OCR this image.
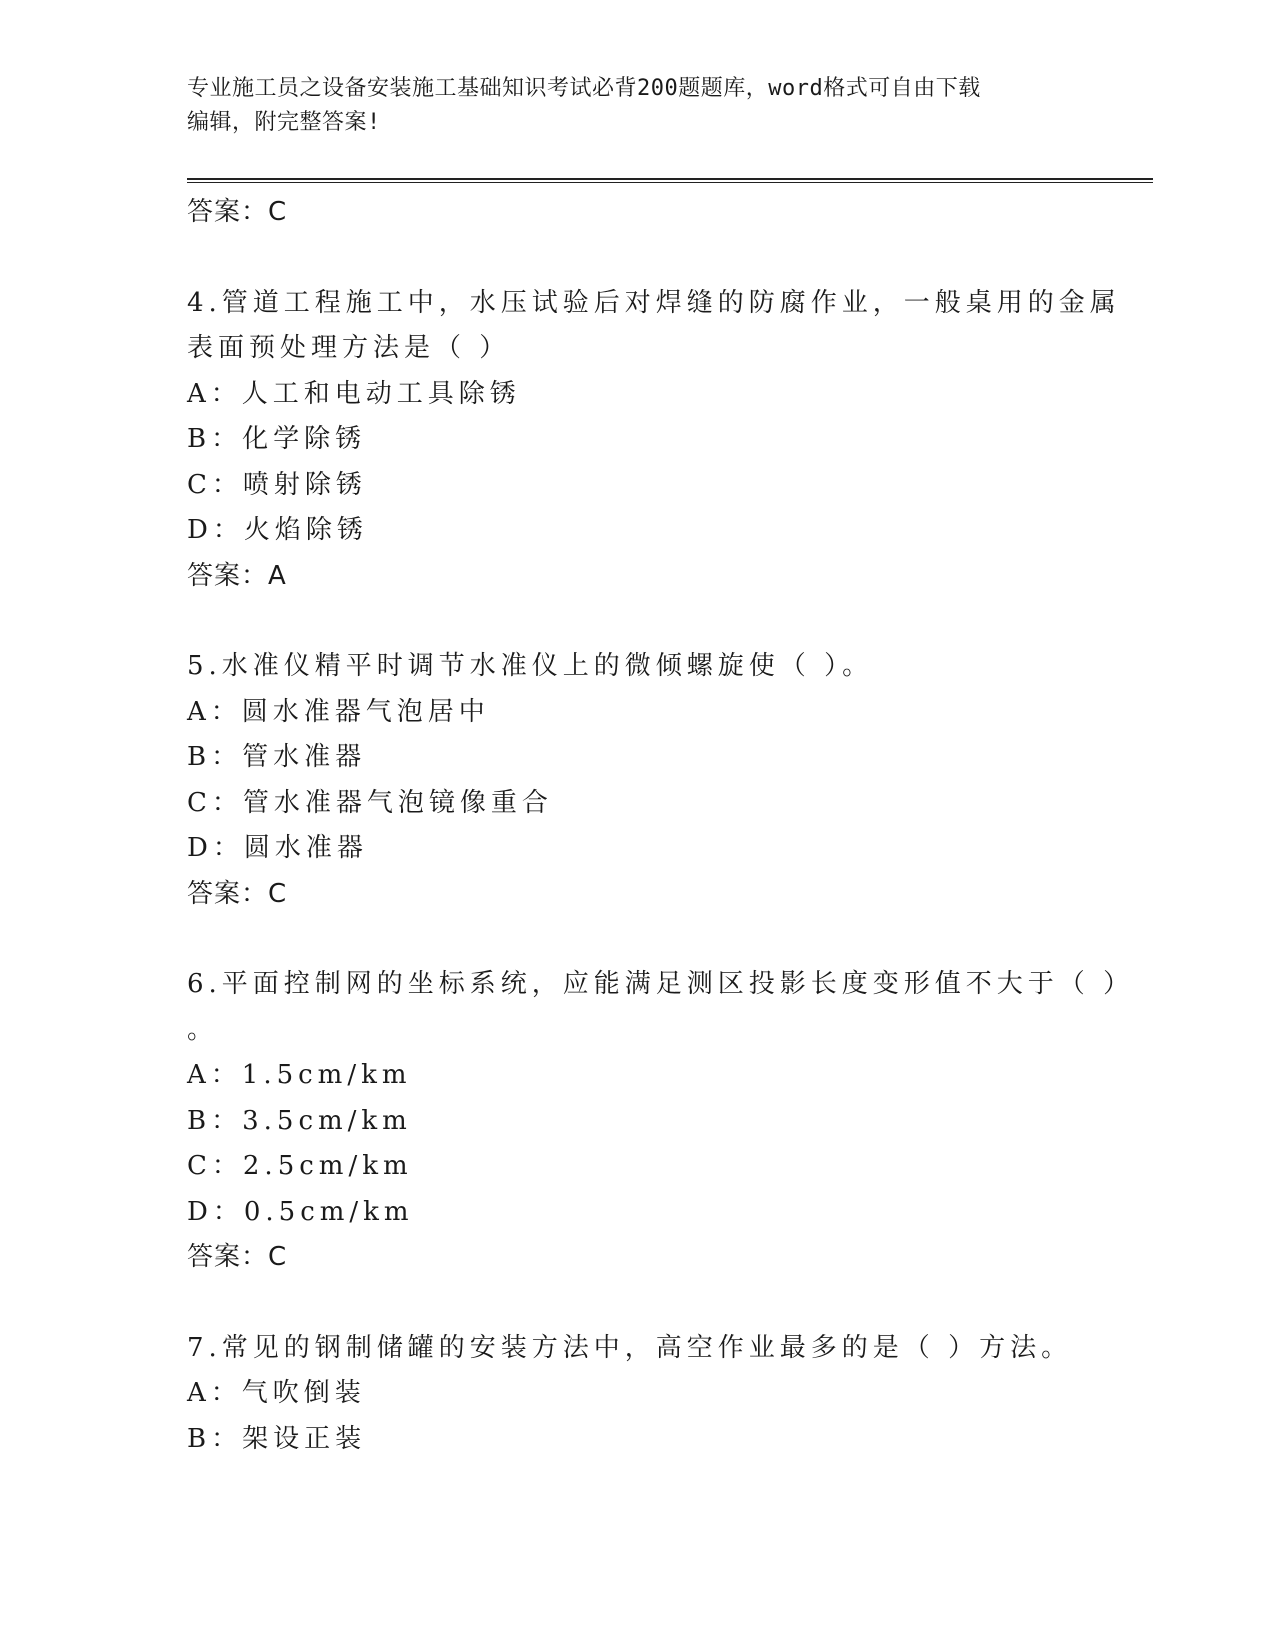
专业施工员之设备安装施工基础知识考试必背200题题库，word格式可自由下载
编辑，附完整答案!
答案：C
4.管道工程施工中，水压试验后对焊缝的防腐作业，一般桌用的金属
表面预处理方法是（ ）
A：人工和电动工具除锈
B：化学除锈
C：喷射除锈
D：火焰除锈
答案：A
5.水准仪精平时调节水准仪上的微倾螺旋使（ ）。
A：圆水准器气泡居中
B：管水准器
C：管水准器气泡镜像重合
D：圆水准器
答案：C
6.平面控制网的坐标系统，应能满足测区投影长度变形值不大于（ ）
。
A：1.5cm/km
B：3.5cm/km
C：2.5cm/km
D：0.5cm/km
答案：C
7.常见的钢制储罐的安装方法中，高空作业最多的是（ ）方法。
A：气吹倒装
B：架设正装
